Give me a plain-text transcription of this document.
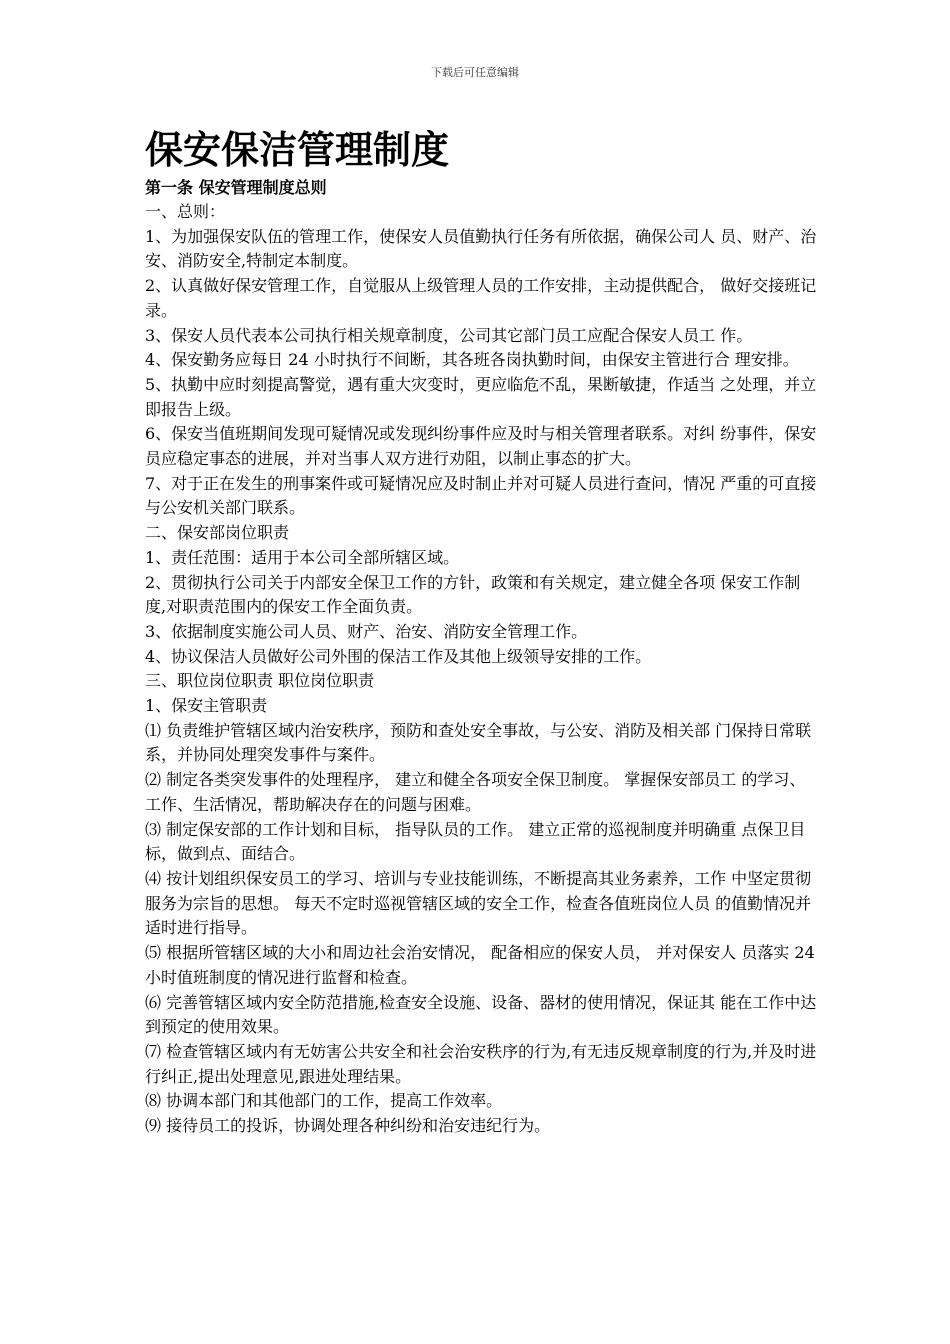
下载后可任意编辑
保安保洁管理制度
第一条 保安管理制度总则

一、总则：

1、为加强保安队伍的管理工作，使保安人员值勤执行任务有所依据，确保公司人 员、财产、治安、消防安全,特制定本制度。

2、认真做好保安管理工作，自觉服从上级管理人员的工作安排，主动提供配合， 做好交接班记录。

3、保安人员代表本公司执行相关规章制度，公司其它部门员工应配合保安人员工 作。

4、保安勤务应每日 24 小时执行不间断，其各班各岗执勤时间，由保安主管进行合 理安排。

5、执勤中应时刻提高警觉，遇有重大灾变时，更应临危不乱，果断敏捷，作适当 之处理，并立即报告上级。

6、保安当值班期间发现可疑情况或发现纠纷事件应及时与相关管理者联系。对纠 纷事件，保安员应稳定事态的进展，并对当事人双方进行劝阻，以制止事态的扩大。

7、对于正在发生的刑事案件或可疑情况应及时制止并对可疑人员进行查问，情况 严重的可直接与公安机关部门联系。

二、保安部岗位职责

1、责任范围：适用于本公司全部所辖区域。

2、贯彻执行公司关于内部安全保卫工作的方针，政策和有关规定，建立健全各项 保安工作制度,对职责范围内的保安工作全面负责。

3、依据制度实施公司人员、财产、治安、消防安全管理工作。

4、协议保洁人员做好公司外围的保洁工作及其他上级领导安排的工作。

三、职位岗位职责 职位岗位职责

1、保安主管职责

⑴ 负责维护管辖区域内治安秩序，预防和查处安全事故，与公安、消防及相关部 门保持日常联系，并协同处理突发事件与案件。

⑵ 制定各类突发事件的处理程序， 建立和健全各项安全保卫制度。 掌握保安部员工 的学习、工作、生活情况，帮助解决存在的问题与困难。

⑶ 制定保安部的工作计划和目标， 指导队员的工作。 建立正常的巡视制度并明确重 点保卫目标，做到点、面结合。

⑷ 按计划组织保安员工的学习、培训与专业技能训练，不断提高其业务素养，工作 中坚定贯彻服务为宗旨的思想。 每天不定时巡视管辖区域的安全工作，检查各值班岗位人员 的值勤情况并适时进行指导。

⑸ 根据所管辖区域的大小和周边社会治安情况， 配备相应的保安人员， 并对保安人 员落实 24 小时值班制度的情况进行监督和检查。

⑹ 完善管辖区域内安全防范措施,检查安全设施、设备、器材的使用情况，保证其 能在工作中达到预定的使用效果。

⑺ 检查管辖区域内有无妨害公共安全和社会治安秩序的行为,有无违反规章制度的行为,并及时进行纠正,提出处理意见,跟进处理结果。

⑻ 协调本部门和其他部门的工作，提高工作效率。

⑼ 接待员工的投诉，协调处理各种纠纷和治安违纪行为。
